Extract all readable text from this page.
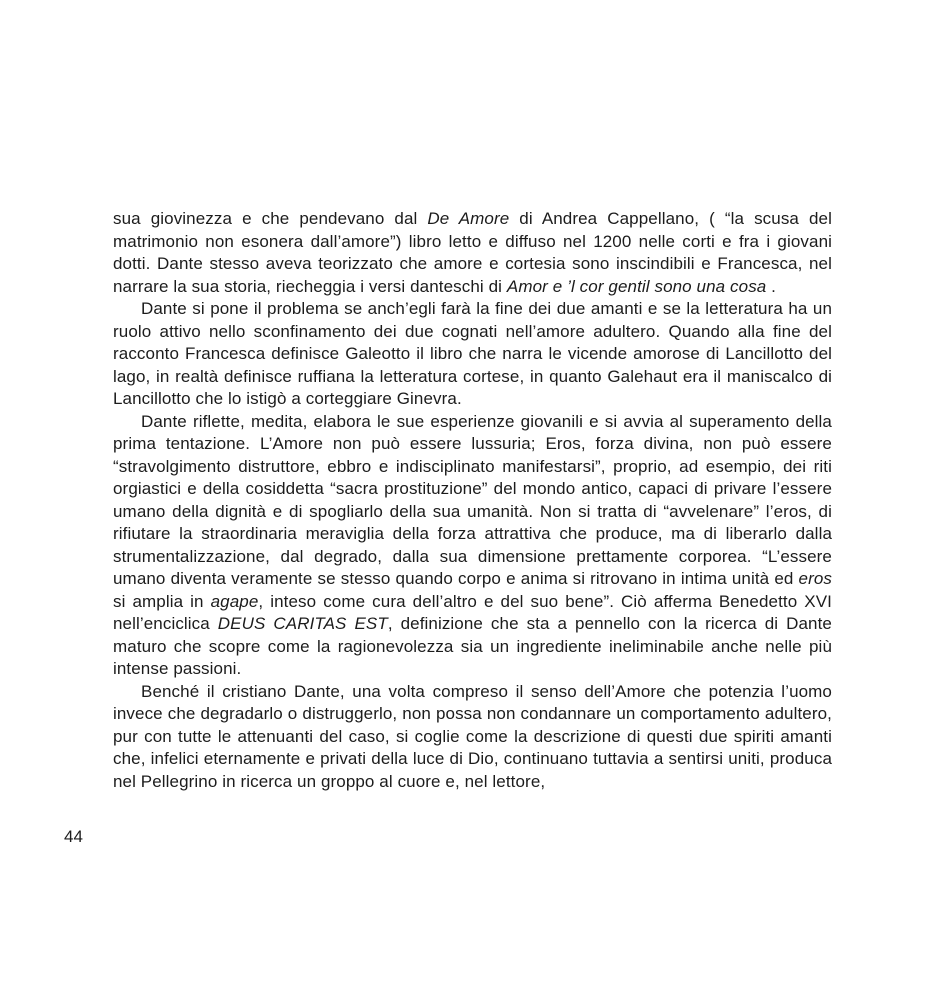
44

sua giovinezza e che pendevano dal De Amore di Andrea Cappellano, ( “la scusa del matrimonio non esonera dall’amore”) libro letto e diffuso nel 1200 nelle corti e fra i giovani dotti. Dante stesso aveva teorizzato che amore e cortesia sono inscindibili e Francesca, nel narrare la sua storia, riecheggia i versi danteschi di Amor e ’l cor gentil sono una cosa .

Dante si pone il problema se anch’egli farà la fine dei due amanti e se la letteratura ha un ruolo attivo nello sconfinamento dei due cognati nell’amore adultero. Quando alla fine del racconto Francesca definisce Galeotto il libro che narra le vicende amorose di Lancillotto del lago, in realtà definisce ruffiana la letteratura cortese, in quanto Galehaut era il maniscalco di Lancillotto che lo istigò a corteggiare Ginevra.

Dante riflette, medita, elabora le sue esperienze giovanili e si avvia al superamento della prima tentazione. L’Amore non può essere lussuria; Eros, forza divina, non può essere “stravolgimento distruttore, ebbro e indisciplinato manifestarsi”, proprio, ad esempio, dei riti orgiastici e della cosiddetta “sacra prostituzione” del mondo antico, capaci di privare l’essere umano della dignità e di spogliarlo della sua umanità. Non si tratta di “avvelenare” l’eros, di rifiutare la straordinaria meraviglia della forza attrattiva che produce, ma di liberarlo dalla strumentalizzazione, dal degrado, dalla sua dimensione prettamente corporea. “L’essere umano diventa veramente se stesso quando corpo e anima si ritrovano in intima unità ed eros si amplia in agape, inteso come cura dell’altro e del suo bene”. Ciò afferma Benedetto XVI nell’enciclica DEUS CARITAS EST, definizione che sta a pennello con la ricerca di Dante maturo che scopre come la ragionevolezza sia un ingrediente ineliminabile anche nelle più intense passioni.

Benché il cristiano Dante, una volta compreso il senso dell’Amore che potenzia l’uomo invece che degradarlo o distruggerlo, non possa non condannare un comportamento adultero, pur con tutte le attenuanti del caso, si coglie come la descrizione di questi due spiriti amanti che, infelici eternamente e privati della luce di Dio, continuano tuttavia a sentirsi uniti, produca nel Pellegrino in ricerca un groppo al cuore e, nel lettore,
